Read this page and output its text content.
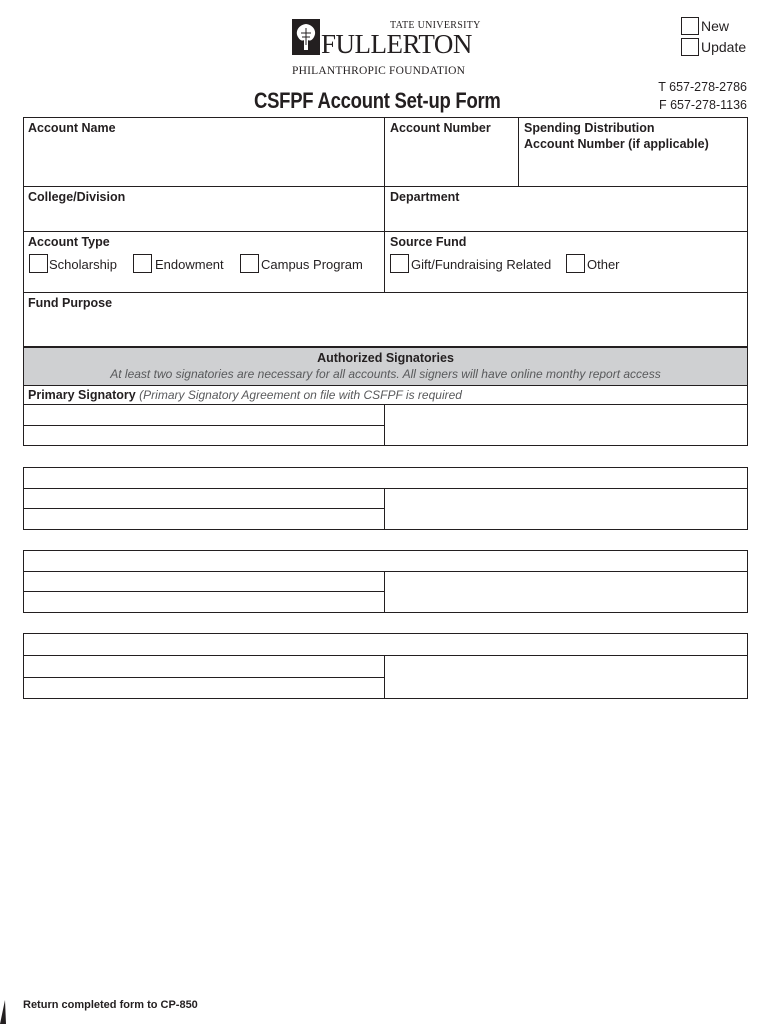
TATE UNIVERSITY
FULLERTON
PHILANTHROPIC FOUNDATION
CSFPF Account Set-up Form
New
Update
T 657-278-2786
F 657-278-1136
Account Name	Account Number	Spending Distribution
Account Number (if applicable)
College/Division	Department
Account Type
Scholarship	Endowment	Campus Program
Source Fund
Gift/Fundraising Related	Other
Fund Purpose
Authorized Signatories
At least two signatories are necessary for all accounts. All signers will have online monthy report access
Primary Signatory (Primary Signatory Agreement on file with CSFPF is required
Return completed form to CP-850
